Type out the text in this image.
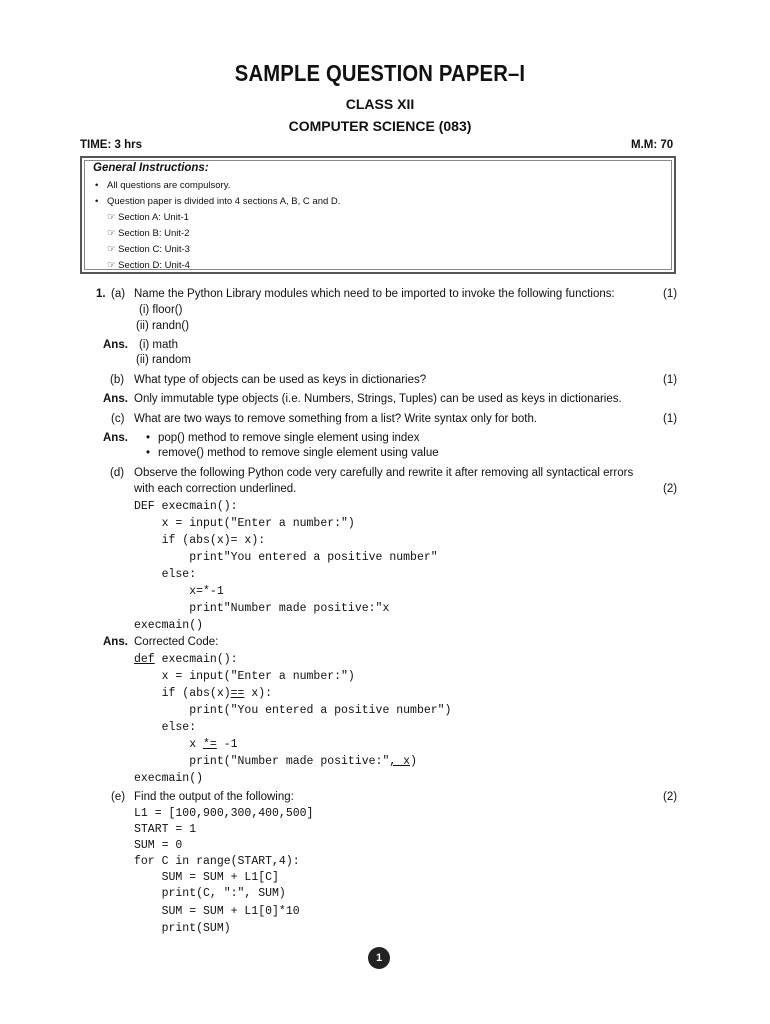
SAMPLE QUESTION PAPER–I
CLASS XII
COMPUTER SCIENCE (083)
TIME: 3 hrs	M.M: 70
General Instructions:
• All questions are compulsory.
• Question paper is divided into 4 sections A, B, C and D.
☞ Section A: Unit-1
☞ Section B: Unit-2
☞ Section C: Unit-3
☞ Section D: Unit-4
1. (a) Name the Python Library modules which need to be imported to invoke the following functions:	(1)
(i) floor()
(ii) randn()
Ans. (i) math
(ii) random
(b) What type of objects can be used as keys in dictionaries?	(1)
Ans. Only immutable type objects (i.e. Numbers, Strings, Tuples) can be used as keys in dictionaries.
(c) What are two ways to remove something from a list? Write syntax only for both.	(1)
Ans.
•	pop() method to remove single element using index
• remove() method to remove single element using value
(d) Observe the following Python code very carefully and rewrite it after removing all syntactical errors
with each correction underlined.	(2)
DEF execmain():
x = input("Enter a number:")
if (abs(x)= x):
print"You entered a positive number"
else:
x=*-1
print"Number made positive:"x
execmain()
Ans. Corrected Code:
def execmain():
x = input("Enter a number:")
if (abs(x)== x):
print("You entered a positive number")
else:
x *= -1
print("Number made positive:", x)
execmain()
(e) Find the output of the following:	(2)
L1 = [100,900,300,400,500]
START = 1
SUM = 0
for C in range(START,4):
SUM = SUM + L1[C]
print(C, ":", SUM)
SUM = SUM + L1[0]*10
print(SUM)
1
